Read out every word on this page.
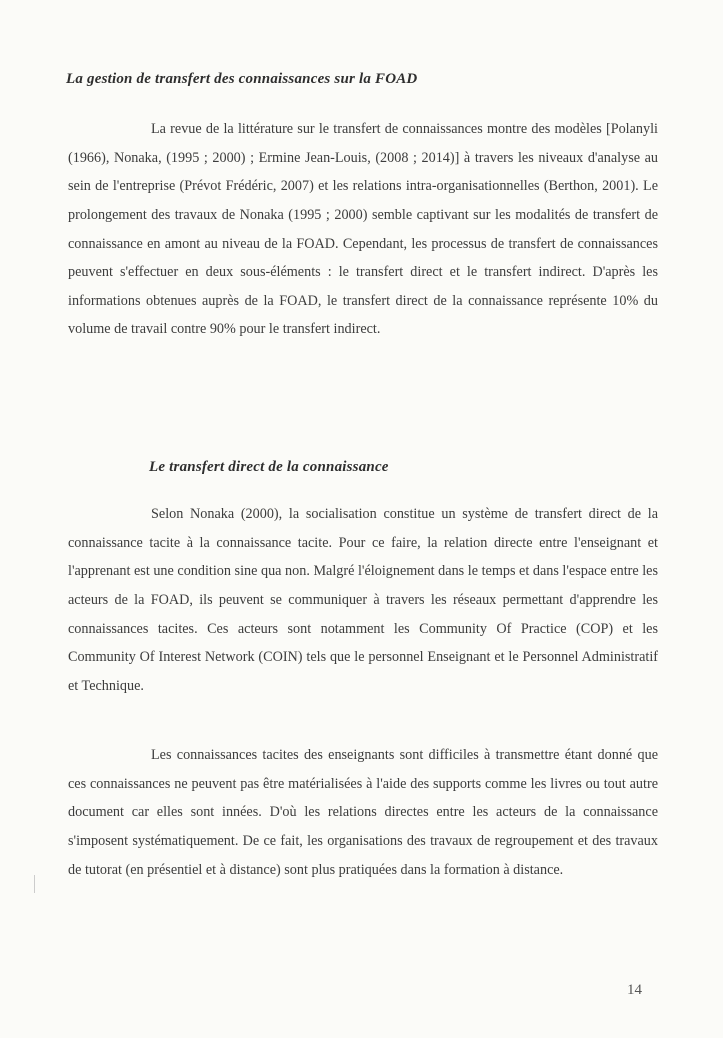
La gestion de transfert des connaissances sur la FOAD

La revue de la littérature sur le transfert de connaissances montre des modèles [Polanyli (1966), Nonaka, (1995 ; 2000) ; Ermine Jean-Louis, (2008 ; 2014)] à travers les niveaux d'analyse au sein de l'entreprise (Prévot Frédéric, 2007) et les relations intra-organisationnelles (Berthon, 2001). Le prolongement des travaux de Nonaka (1995 ; 2000) semble captivant sur les modalités de transfert de connaissance en amont au niveau de la FOAD. Cependant, les processus de transfert de connaissances peuvent s'effectuer en deux sous-éléments : le transfert direct et le transfert indirect. D'après les informations obtenues auprès de la FOAD, le transfert direct de la connaissance représente 10% du volume de travail contre 90% pour le transfert indirect.

Le transfert direct de la connaissance

Selon Nonaka (2000), la socialisation constitue un système de transfert direct de la connaissance tacite à la connaissance tacite. Pour ce faire, la relation directe entre l'enseignant et l'apprenant est une condition sine qua non. Malgré l'éloignement dans le temps et dans l'espace entre les acteurs de la FOAD, ils peuvent se communiquer à travers les réseaux permettant d'apprendre les connaissances tacites. Ces acteurs sont notamment les Community Of Practice (COP) et les Community Of Interest Network (COIN) tels que le personnel Enseignant et le Personnel Administratif et Technique.

Les connaissances tacites des enseignants sont difficiles à transmettre étant donné que ces connaissances ne peuvent pas être matérialisées à l'aide des supports comme les livres ou tout autre document car elles sont innées. D'où les relations directes entre les acteurs de la connaissance s'imposent systématiquement. De ce fait, les organisations des travaux de regroupement et des travaux de tutorat (en présentiel et à distance) sont plus pratiquées dans la formation à distance.

14
